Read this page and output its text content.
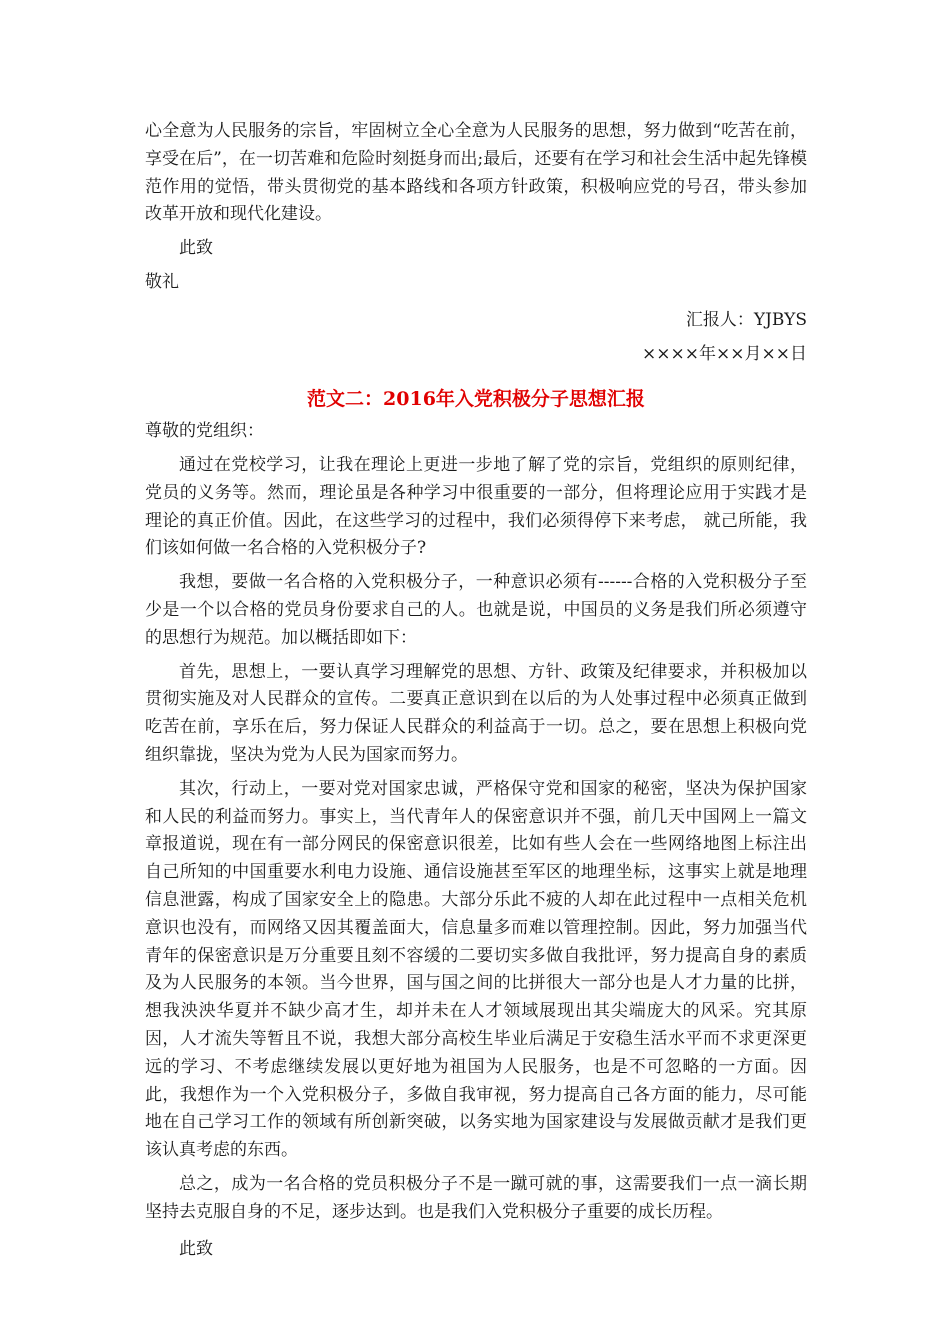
心全意为人民服务的宗旨，牢固树立全心全意为人民服务的思想，努力做到“吃苦在前，享受在后”，在一切苦难和危险时刻挺身而出;最后，还要有在学习和社会生活中起先锋模范作用的觉悟，带头贯彻党的基本路线和各项方针政策，积极响应党的号召，带头参加改革开放和现代化建设。

此致

敬礼

汇报人：YJBYS

××××年××月××日

范文二：2016年入党积极分子思想汇报

尊敬的党组织：

通过在党校学习，让我在理论上更进一步地了解了党的宗旨，党组织的原则纪律，党员的义务等。然而，理论虽是各种学习中很重要的一部分，但将理论应用于实践才是理论的真正价值。因此，在这些学习的过程中，我们必须得停下来考虑， 就己所能，我们该如何做一名合格的入党积极分子?

我想，要做一名合格的入党积极分子，一种意识必须有------合格的入党积极分子至少是一个以合格的党员身份要求自己的人。也就是说，中国员的义务是我们所必须遵守的思想行为规范。加以概括即如下：

首先，思想上，一要认真学习理解党的思想、方针、政策及纪律要求，并积极加以贯彻实施及对人民群众的宣传。二要真正意识到在以后的为人处事过程中必须真正做到吃苦在前，享乐在后，努力保证人民群众的利益高于一切。总之，要在思想上积极向党组织靠拢，坚决为党为人民为国家而努力。

其次，行动上，一要对党对国家忠诚，严格保守党和国家的秘密，坚决为保护国家和人民的利益而努力。事实上，当代青年人的保密意识并不强，前几天中国网上一篇文章报道说，现在有一部分网民的保密意识很差，比如有些人会在一些网络地图上标注出自己所知的中国重要水利电力设施、通信设施甚至军区的地理坐标，这事实上就是地理信息泄露，构成了国家安全上的隐患。大部分乐此不疲的人却在此过程中一点相关危机意识也没有，而网络又因其覆盖面大，信息量多而难以管理控制。因此，努力加强当代青年的保密意识是万分重要且刻不容缓的二要切实多做自我批评，努力提高自身的素质及为人民服务的本领。当今世界，国与国之间的比拼很大一部分也是人才力量的比拼，想我泱泱华夏并不缺少高才生，却并未在人才领域展现出其尖端庞大的风采。究其原因，人才流失等暂且不说，我想大部分高校生毕业后满足于安稳生活水平而不求更深更远的学习、不考虑继续发展以更好地为祖国为人民服务，也是不可忽略的一方面。因此，我想作为一个入党积极分子，多做自我审视，努力提高自己各方面的能力，尽可能地在自己学习工作的领域有所创新突破，以务实地为国家建设与发展做贡献才是我们更该认真考虑的东西。

总之，成为一名合格的党员积极分子不是一蹴可就的事，这需要我们一点一滴长期坚持去克服自身的不足，逐步达到。也是我们入党积极分子重要的成长历程。

此致
